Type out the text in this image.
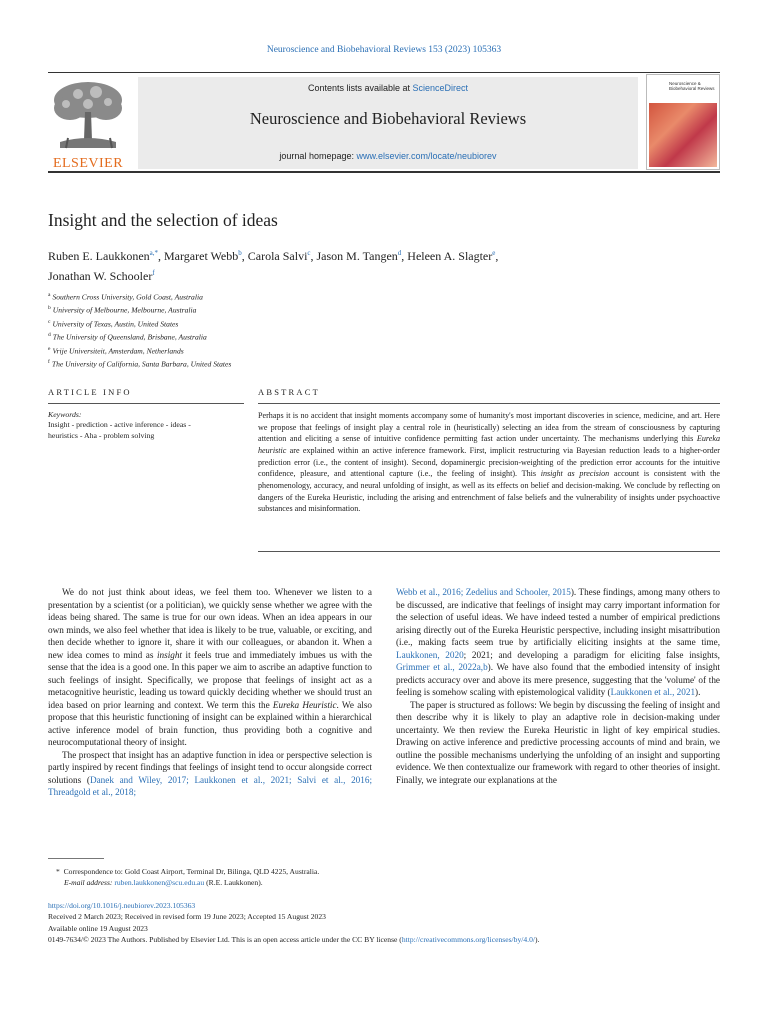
Neuroscience and Biobehavioral Reviews 153 (2023) 105363
ELSEVIER
Contents lists available at ScienceDirect
Neuroscience and Biobehavioral Reviews
journal homepage: www.elsevier.com/locate/neubiorev
Neuroscience & Biobehavioral Reviews
Insight and the selection of ideas
Ruben E. Laukkonen$^{a,*}$, Margaret Webb$^b$, Carola Salvi$^c$, Jason M. Tangen$^d$, Heleen A. Slagter$^e$,
Jonathan W. Schooler$^f$
$^a$ Southern Cross University, Gold Coast, Australia
$^b$ University of Melbourne, Melbourne, Australia
$^c$ University of Texas, Austin, United States
$^d$ The University of Queensland, Brisbane, Australia
$^e$ Vrije Universiteit, Amsterdam, Netherlands
$^f$ The University of California, Santa Barbara, United States
ARTICLE INFO	ABSTRACT
Keywords:
Insight - prediction - active inference - ideas -
heuristics - Aha - problem solving
Perhaps it is no accident that insight moments accompany some of humanity's most important discoveries in science, medicine, and art. Here we propose that feelings of insight play a central role in (heuristically) selecting an idea from the stream of consciousness by capturing attention and eliciting a sense of intuitive confidence permitting fast action under uncertainty. The mechanisms underlying this Eureka heuristic are explained within an active inference framework. First, implicit restructuring via Bayesian reduction leads to a higher-order prediction error (i.e., the content of insight). Second, dopaminergic precision-weighting of the prediction error accounts for the intuitive confidence, pleasure, and attentional capture (i.e., the feeling of insight). This insight as precision account is consistent with the phenomenology, accuracy, and neural unfolding of insight, as well as its effects on belief and decision-making. We conclude by reflecting on dangers of the Eureka Heuristic, including the arising and entrenchment of false beliefs and the vulnerability of insights under psychoactive substances and misinformation.

We do not just think about ideas, we feel them too. Whenever we listen to a presentation by a scientist (or a politician), we quickly sense whether we agree with the ideas being shared. The same is true for our own ideas. When an idea appears in our own minds, we also feel whether that idea is likely to be true, valuable, or exciting, and then decide whether to ignore it, share it with our colleagues, or abandon it. When a new idea comes to mind as insight it feels true and immediately imbues us with the sense that the idea is a good one. In this paper we aim to ascribe an adaptive function to such feelings of insight. Specifically, we propose that feelings of insight act as a metacognitive heuristic, leading us toward quickly deciding whether we should trust an idea based on prior learning and context. We term this the Eureka Heuristic. We also propose that this heuristic functioning of insight can be explained within a hierarchical active inference model of brain function, thus providing both a cognitive and neurocomputational theory of insight.

The prospect that insight has an adaptive function in idea or perspective selection is partly inspired by recent findings that feelings of insight tend to occur alongside correct solutions (Danek and Wiley, 2017; Laukkonen et al., 2021; Salvi et al., 2016; Threadgold et al., 2018;

Webb et al., 2016; Zedelius and Schooler, 2015). These findings, among many others to be discussed, are indicative that feelings of insight may carry important information for the selection of useful ideas. We have indeed tested a number of empirical predictions arising directly out of the Eureka Heuristic perspective, including insight misattribution (i.e., making facts seem true by artificially eliciting insights at the same time, Laukkonen, 2020; 2021; and developing a paradigm for eliciting false insights, Grimmer et al., 2022a,b). We have also found that the embodied intensity of insight predicts accuracy over and above its mere presence, suggesting that the 'volume' of the feeling is somehow scaling with epistemological validity (Laukkonen et al., 2021).

The paper is structured as follows: We begin by discussing the feeling of insight and then describe why it is likely to play an adaptive role in decision-making under uncertainty. We then review the Eureka Heuristic in light of key empirical studies. Drawing on active inference and predictive processing accounts of mind and brain, we outline the possible mechanisms underlying the unfolding of an insight and supporting evidence. We then contextualize our framework with regard to other theories of insight. Finally, we integrate our explanations at the

* Correspondence to: Gold Coast Airport, Terminal Dr, Bilinga, QLD 4225, Australia.
E-mail address: ruben.laukkonen@scu.edu.au (R.E. Laukkonen).
https://doi.org/10.1016/j.neubiorev.2023.105363
Received 2 March 2023; Received in revised form 19 June 2023; Accepted 15 August 2023
Available online 19 August 2023
0149-7634/© 2023 The Authors. Published by Elsevier Ltd. This is an open access article under the CC BY license (http://creativecommons.org/licenses/by/4.0/).
